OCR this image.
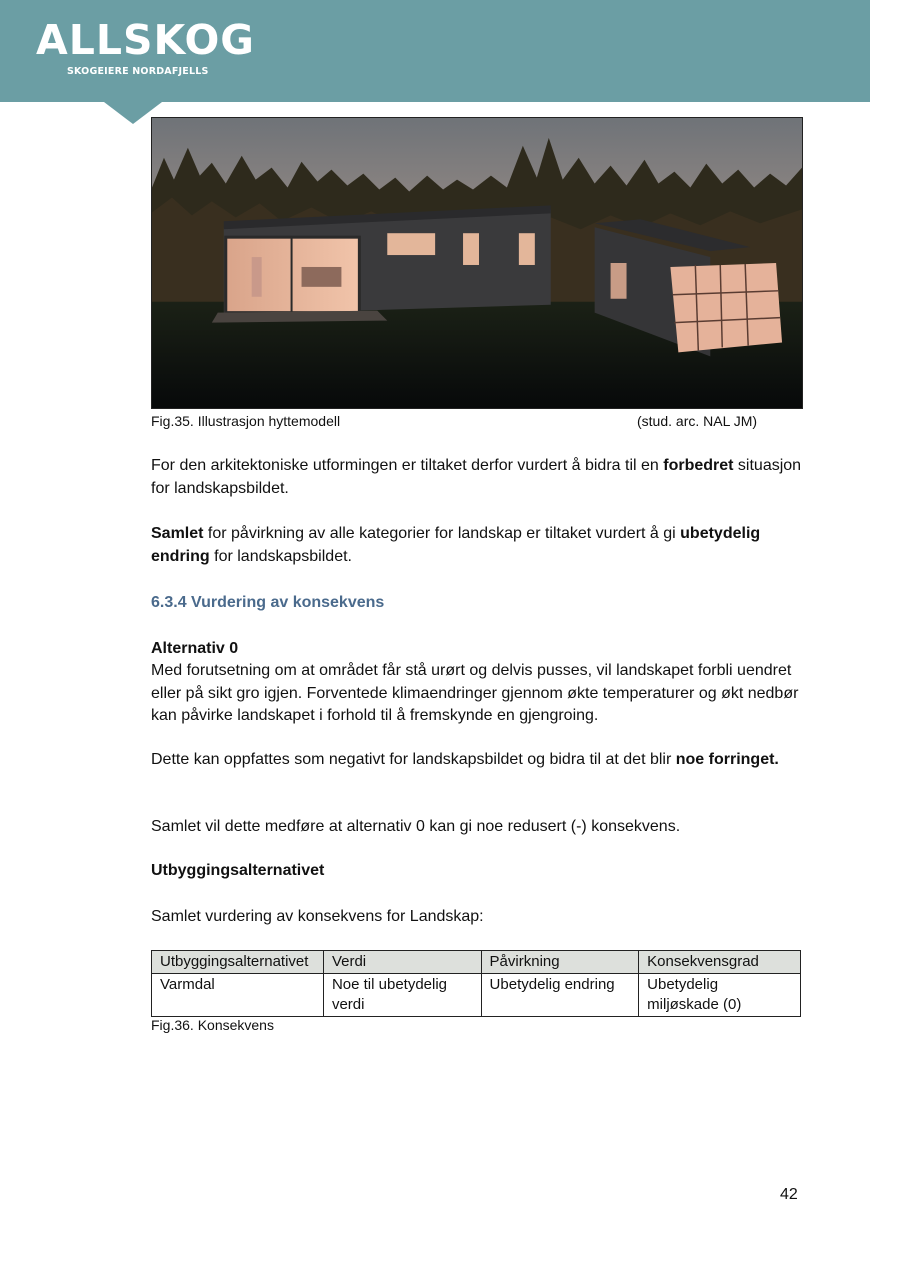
ALLSKOG
SKOGEIERE NORDAFJELLS
Fig.35. Illustrasjon hyttemodell	(stud. arc. NAL JM)

For den arkitektoniske utformingen er tiltaket derfor vurdert å bidra til en forbedret situasjon for landskapsbildet.

Samlet for påvirkning av alle kategorier for landskap er tiltaket vurdert å gi ubetydelig endring for landskapsbildet.

6.3.4 Vurdering av konsekvens

Alternativ 0

Med forutsetning om at området får stå urørt og delvis pusses, vil landskapet forbli uendret eller på sikt gro igjen. Forventede klimaendringer gjennom økte temperaturer og økt nedbør kan påvirke landskapet i forhold til å fremskynde en gjengroing.

Dette kan oppfattes som negativt for landskapsbildet og bidra til at det blir noe forringet.

Samlet vil dette medføre at alternativ 0 kan gi noe redusert (-) konsekvens.

Utbyggingsalternativet

Samlet vurdering av konsekvens for Landskap:

Utbyggingsalternativet	Verdi	Påvirkning	Konsekvensgrad
Varmdal	Noe til ubetydelig verdi	Ubetydelig endring	Ubetydelig miljøskade (0)
Fig.36. Konsekvens
42
